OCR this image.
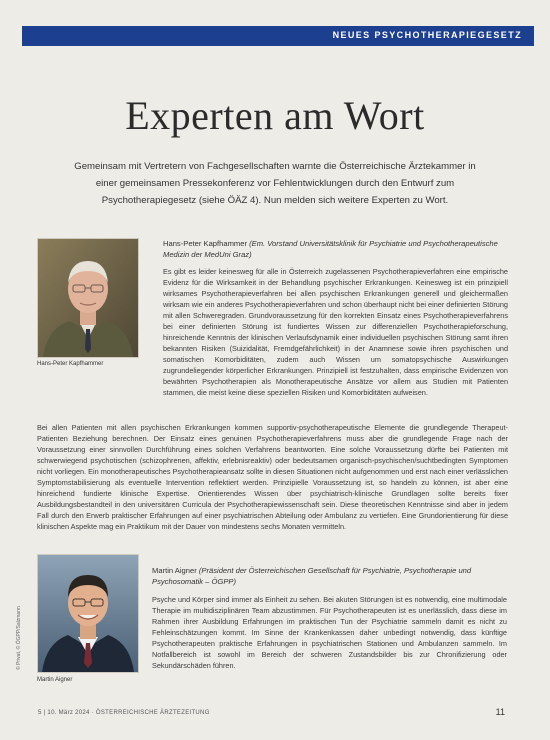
NEUES PSYCHOTHERAPIEGESETZ
Experten am Wort
Gemeinsam mit Vertretern von Fachgesellschaften warnte die Österreichische Ärztekammer in einer gemeinsamen Pressekonferenz vor Fehlentwicklungen durch den Entwurf zum Psychotherapiegesetz (siehe ÖÄZ 4). Nun melden sich weitere Experten zu Wort.
Hans-Peter Kapfhammer
Hans-Peter Kapfhammer (Em. Vorstand Universitätsklinik für Psychiatrie und Psychotherapeutische Medizin der MedUni Graz)

Es gibt es leider keinesweg für alle in Österreich zugelassenen Psychotherapieverfahren eine empirische Evidenz für die Wirksamkeit in der Behandlung psychischer Erkrankungen. Keinesweg ist ein prinzipiell wirksames Psychotherapieverfahren bei allen psychischen Erkrankungen generell und gleichermaßen wirksam wie ein anderes Psychotherapieverfahren und schon überhaupt nicht bei einer definierten Störung mit allen Schweregraden. Grundvoraussetzung für den korrekten Einsatz eines Psychotherapieverfahrens bei einer definierten Störung ist fundiertes Wissen zur differenziellen Psychotherapieforschung, hinreichende Kenntnis der klinischen Verlaufsdynamik einer individuellen psychischen Störung samt ihren bekannten Risiken (Suizidalität, Fremdgefährlichkeit) in der Anamnese sowie ihren psychischen und somatischen Komorbiditäten, zudem auch Wissen um somatopsychische Auswirkungen zugrundeliegender körperlicher Erkrankungen. Prinzipiell ist festzuhalten, dass empirische Evidenzen von bewährten Psychotherapien als Monotherapeutische Ansätze vor allem aus Studien mit Patienten stammen, die meist keine diese speziellen Risiken und Komorbiditäten aufweisen.

Bei allen Patienten mit allen psychischen Erkrankungen kommen supportiv-psychotherapeutische Elemente die grundlegende Therapeut-Patienten Beziehung berechnen. Der Einsatz eines genuinen Psychotherapieverfahrens muss aber die grundlegende Frage nach der Voraussetzung einer sinnvollen Durchführung eines solchen Verfahrens beantworten. Eine solche Voraussetzung dürfte bei Patienten mit schwerwiegend psychotischen (schizophrenen, affektiv, erlebnisreaktiv) oder bedeutsamen organisch-psychischen/suchtbedingten Symptomen nicht vorliegen. Ein monotherapeutisches Psychotherapieansatz sollte in diesen Situationen nicht aufgenommen und erst nach einer verlässlichen Symptomstabilisierung als eventuelle Intervention reflektiert werden. Prinzipielle Voraussetzung ist, so handeln zu können, ist aber eine hinreichend fundierte klinische Expertise. Orientierendes Wissen über psychiatrisch-klinische Grundlagen sollte bereits fixer Ausbildungsbestandteil in den universitären Curricula der Psychotherapiewissenschaft sein. Diese theoretischen Kenntnisse sind aber in jedem Fall durch den Erwerb praktischer Erfahrungen auf einer psychiatrischen Abteilung oder Ambulanz zu vertiefen. Eine Grundorientierung für diese klinischen Aspekte mag ein Praktikum mit der Dauer von mindestens sechs Monaten vermitteln.

© Privat, © ÖGPP/Salzmann
Martin Aigner
Martin Aigner (Präsident der Österreichischen Gesellschaft für Psychiatrie, Psychotherapie und Psychosomatik – ÖGPP)

Psyche und Körper sind immer als Einheit zu sehen. Bei akuten Störungen ist es notwendig, eine multimodale Therapie im multidisziplinären Team abzustimmen. Für Psychotherapeuten ist es unerlässlich, dass diese im Rahmen ihrer Ausbildung Erfahrungen im praktischen Tun der Psychiatrie sammeln damit es nicht zu Fehleinschätzungen kommt. Im Sinne der Krankenkassen daher unbedingt notwendig, dass künftige Psychotherapeuten praktische Erfahrungen in psychiatrischen Stationen und Ambulanzen sammeln. Im Notfallbereich ist sowohl im Bereich der schweren Zustandsbilder bis zur Chronifizierung oder Sekundärschäden führen.

5 | 10. März 2024 · ÖSTERREICHISCHE ÄRZTEZEITUNG	11
